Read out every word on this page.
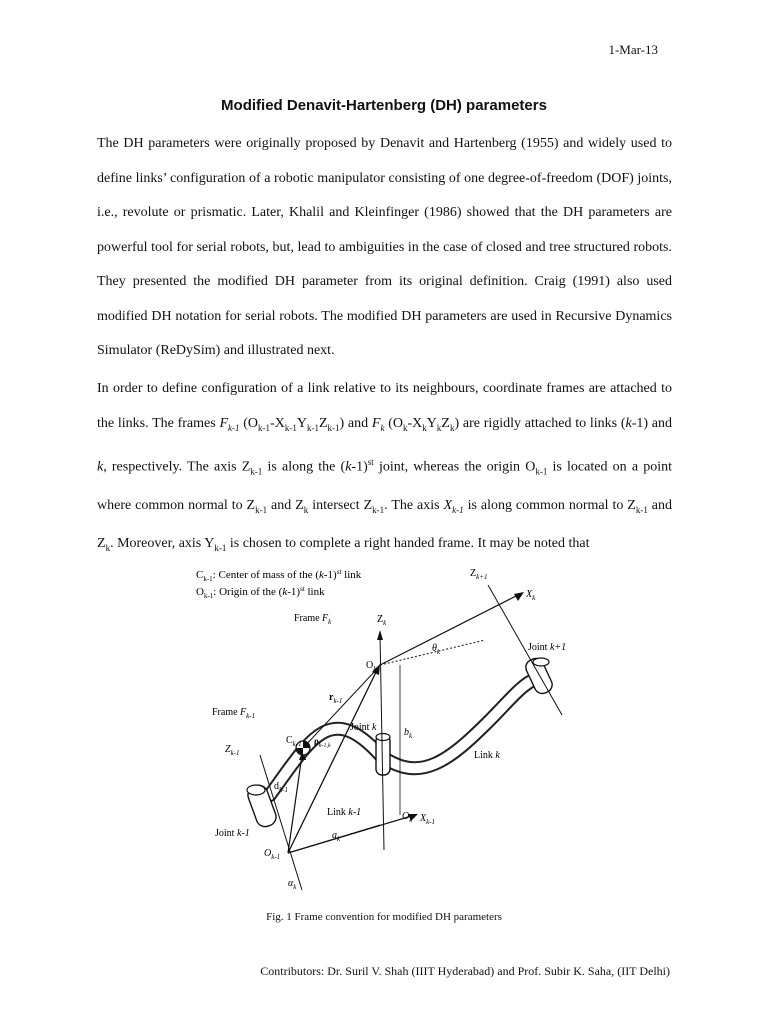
1-Mar-13
Modified Denavit-Hartenberg (DH) parameters

The DH parameters were originally proposed by Denavit and Hartenberg (1955) and widely used to define links’ configuration of a robotic manipulator consisting of one degree-of-freedom (DOF) joints, i.e., revolute or prismatic. Later, Khalil and Kleinfinger (1986) showed that the DH parameters are powerful tool for serial robots, but, lead to ambiguities in the case of closed and tree structured robots. They presented the modified DH parameter from its original definition. Craig (1991) also used modified DH notation for serial robots. The modified DH parameters are used in Recursive Dynamics Simulator (ReDySim) and illustrated next.

In order to define configuration of a link relative to its neighbours, coordinate frames are attached to the links. The frames $F_{k-1}$ $(O_{k-1}-X_{k-1}Y_{k-1}Z_{k-1})$ and $F_k$ $(O_k-X_kY_kZ_k)$ are rigidly attached to links (k-1) and k, respectively. The axis $Z_{k-1}$ is along the $(k-1)^{st}$ joint, whereas the origin $O_{k-1}$ is located on a point where common normal to $Z_{k-1}$ and $Z_k$ intersect $Z_{k-1}$. The axis $X_{k-1}$ is along common normal to $Z_{k-1}$ and $Z_k$. Moreover, axis $Y_{k-1}$ is chosen to complete a right handed frame. It may be noted that

$C_{k-1}$: Center of mass of the $(k-1)^{st}$ link
$O_{k-1}$: Origin of the $(k-1)^{st}$ link
Frame $F_k$	$Z_k$
$Z_{k+1}$
$X_k$
$\theta_k$
$O_k$
Joint k+1
Frame $F_{k-1}$
$r_{k-1}$
Joint k	$b_k$
$C_{k-1}$ $\rho_{k-1,k}$
$Z_{k-1}$	Link k
$d_{k-1}$
Link k-1	$O_k$ $X_{k-1}$
$a_k$
Joint k-1
$O_{k-1}$
$\alpha_k$
Fig. 1 Frame convention for modified DH parameters
Contributors: Dr. Suril V. Shah (IIIT Hyderabad) and Prof. Subir K. Saha, (IIT Delhi)
